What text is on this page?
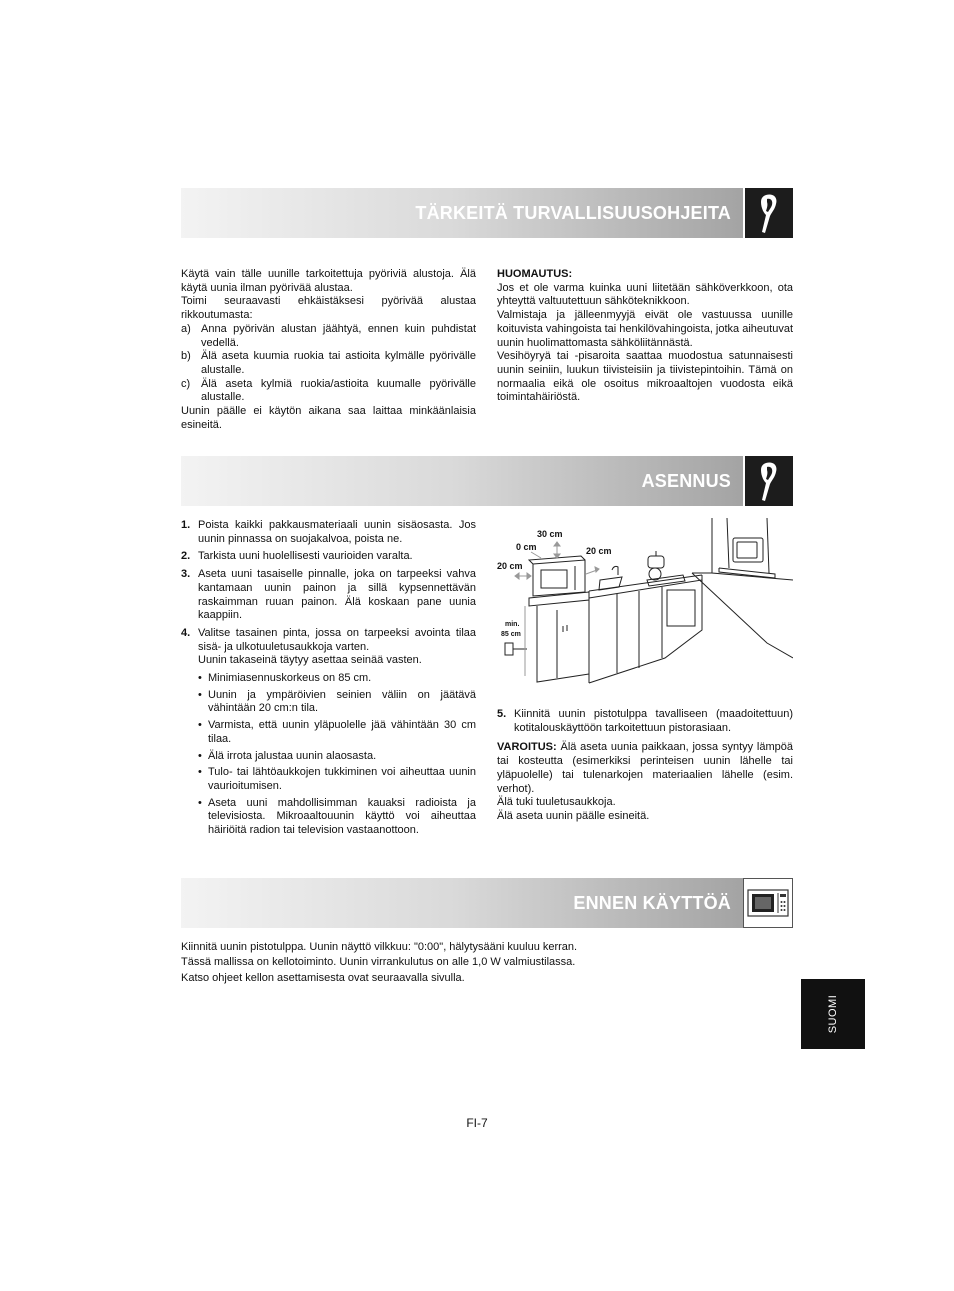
TÄRKEITÄ TURVALLISUUSOHJEITA

Käytä vain tälle uunille tarkoitettuja pyöriviä alustoja. Älä käytä uunia ilman pyörivää alustaa.

Toimi seuraavasti ehkäistäksesi pyörivää alustaa rikkoutumasta:

a) Anna pyörivän alustan jäähtyä, ennen kuin puhdistat vedellä.
b) Älä aseta kuumia ruokia tai astioita kylmälle pyörivälle alustalle.
c) Älä aseta kylmiä ruokia/astioita kuumalle pyörivälle alustalle.

Uunin päälle ei käytön aikana saa laittaa minkäänlaisia esineitä.

HUOMAUTUS:

Jos et ole varma kuinka uuni liitetään sähköverkkoon, ota yhteyttä valtuutettuun sähköteknikkoon.

Valmistaja ja jälleenmyyjä eivät ole vastuussa uunille koituvista vahingoista tai henkilövahingoista, jotka aiheutuvat uunin huolimattomasta sähköliitännästä.

Vesihöyryä tai -pisaroita saattaa muodostua satunnaisesti uunin seiniin, luukun tiivisteisiin ja tiivistepintoihin. Tämä on normaalia eikä ole osoitus mikroaaltojen vuodosta eikä toimintahäiriöstä.

ASENNUS
1. Poista kaikki pakkausmateriaali uunin sisäosasta. Jos uunin pinnassa on suojakalvoa, poista ne.
2. Tarkista uuni huolellisesti vaurioiden varalta.
3. Aseta uuni tasaiselle pinnalle, joka on tarpeeksi vahva kantamaan uunin painon ja sillä kypsennettävän raskaimman ruuan painon. Älä koskaan pane uunia kaappiin.
4. Valitse tasainen pinta, jossa on tarpeeksi avointa tilaa sisä- ja ulkotuuletusaukkoja varten.
Uunin takaseinä täytyy asettaa seinää vasten.
• Minimiasennuskorkeus on 85 cm.
• Uunin ja ympäröivien seinien väliin on jäätävä vähintään 20 cm:n tila.
• Varmista, että uunin yläpuolelle jää vähintään 30 cm tilaa.
• Älä irrota jalustaa uunin alaosasta.
• Tulo- tai lähtöaukkojen tukkiminen voi aiheuttaa uunin vaurioitumisen.
• Aseta uuni mahdollisimman kauaksi radioista ja televisiosta. Mikroaaltouunin käyttö voi aiheuttaa häiriöitä radion tai television vastaanottoon.
30 cm
0 cm	20 cm
20 cm
min.
85 cm
5. Kiinnitä uunin pistotulppa tavalliseen (maadoitettuun) kotitalouskäyttöön tarkoitettuun pistorasiaan.

VAROITUS: Älä aseta uunia paikkaan, jossa syntyy lämpöä tai kosteutta (esimerkiksi perinteisen uunin lähelle tai yläpuolelle) tai tulenarkojen materiaalien lähelle (esim. verhot).

Älä tuki tuuletusaukkoja.

Älä aseta uunin päälle esineitä.

ENNEN KÄYTTÖÄ

Kiinnitä uunin pistotulppa. Uunin näyttö vilkkuu: "0:00", hälytysääni kuuluu kerran.

Tässä mallissa on kellotoiminto. Uunin virrankulutus on alle 1,0 W valmiustilassa.

Katso ohjeet kellon asettamisesta ovat seuraavalla sivulla.

SUOMI
FI-7
